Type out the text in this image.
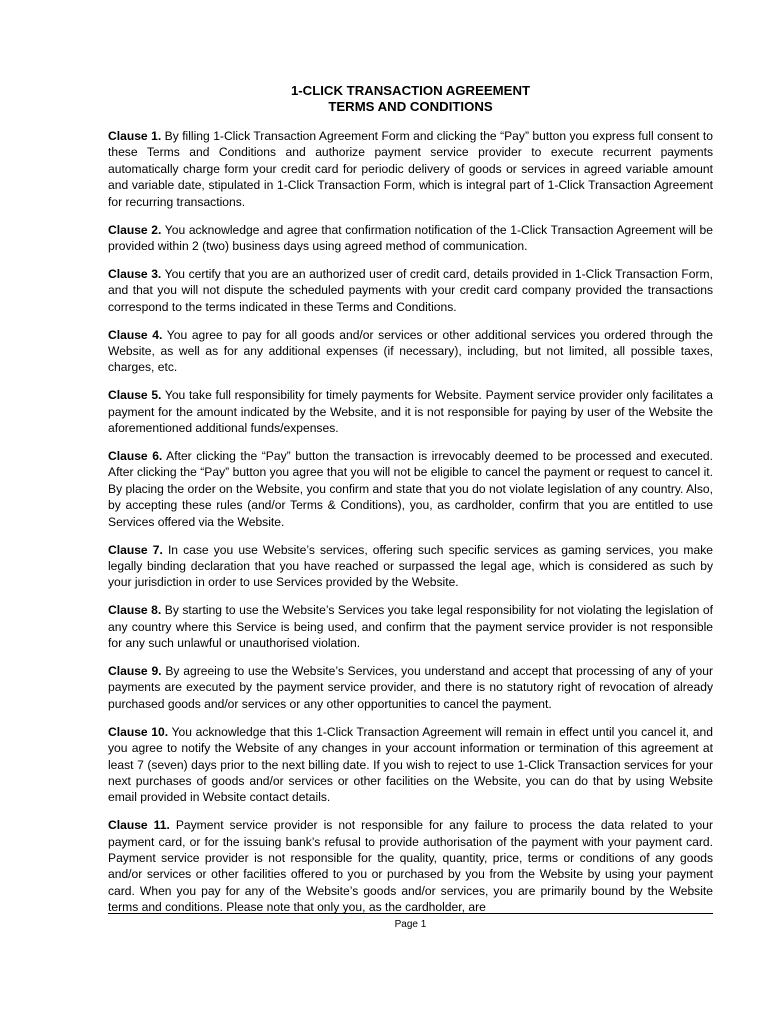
1-CLICK TRANSACTION AGREEMENT
TERMS AND CONDITIONS

Clause 1. By filling 1-Click Transaction Agreement Form and clicking the “Pay” button you express full consent to these Terms and Conditions and authorize payment service provider to execute recurrent payments automatically charge form your credit card for periodic delivery of goods or services in agreed variable amount and variable date, stipulated in 1-Click Transaction Form, which is integral part of 1-Click Transaction Agreement for recurring transactions.

Clause 2. You acknowledge and agree that confirmation notification of the 1-Click Transaction Agreement will be provided within 2 (two) business days using agreed method of communication.

Clause 3. You certify that you are an authorized user of credit card, details provided in 1-Click Transaction Form, and that you will not dispute the scheduled payments with your credit card company provided the transactions correspond to the terms indicated in these Terms and Conditions.

Clause 4. You agree to pay for all goods and/or services or other additional services you ordered through the Website, as well as for any additional expenses (if necessary), including, but not limited, all possible taxes, charges, etc.

Clause 5. You take full responsibility for timely payments for Website. Payment service provider only facilitates a payment for the amount indicated by the Website, and it is not responsible for paying by user of the Website the aforementioned additional funds/expenses.

Clause 6. After clicking the “Pay” button the transaction is irrevocably deemed to be processed and executed. After clicking the “Pay” button you agree that you will not be eligible to cancel the payment or request to cancel it. By placing the order on the Website, you confirm and state that you do not violate legislation of any country. Also, by accepting these rules (and/or Terms & Conditions), you, as cardholder, confirm that you are entitled to use Services offered via the Website.

Clause 7. In case you use Website’s services, offering such specific services as gaming services, you make legally binding declaration that you have reached or surpassed the legal age, which is considered as such by your jurisdiction in order to use Services provided by the Website.

Clause 8. By starting to use the Website’s Services you take legal responsibility for not violating the legislation of any country where this Service is being used, and confirm that the payment service provider is not responsible for any such unlawful or unauthorised violation.

Clause 9. By agreeing to use the Website’s Services, you understand and accept that processing of any of your payments are executed by the payment service provider, and there is no statutory right of revocation of already purchased goods and/or services or any other opportunities to cancel the payment.

Clause 10. You acknowledge that this 1-Click Transaction Agreement will remain in effect until you cancel it, and you agree to notify the Website of any changes in your account information or termination of this agreement at least 7 (seven) days prior to the next billing date. If you wish to reject to use 1-Click Transaction services for your next purchases of goods and/or services or other facilities on the Website, you can do that by using Website email provided in Website contact details.

Clause 11. Payment service provider is not responsible for any failure to process the data related to your payment card, or for the issuing bank’s refusal to provide authorisation of the payment with your payment card. Payment service provider is not responsible for the quality, quantity, price, terms or conditions of any goods and/or services or other facilities offered to you or purchased by you from the Website by using your payment card. When you pay for any of the Website’s goods and/or services, you are primarily bound by the Website terms and conditions. Please note that only you, as the cardholder, are

Page 1
